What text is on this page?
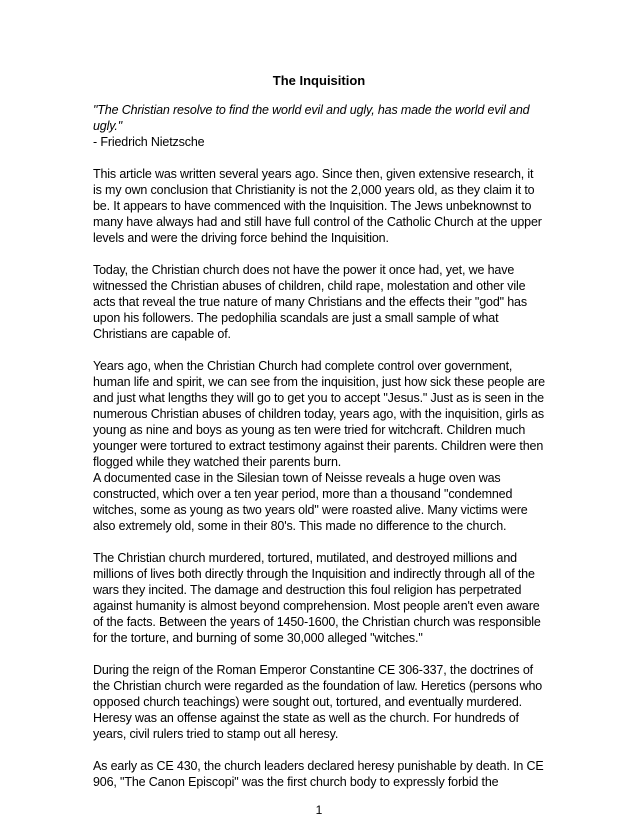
The Inquisition

"The Christian resolve to find the world evil and ugly, has made the world evil and ugly."

- Friedrich Nietzsche

This article was written several years ago. Since then, given extensive research, it is my own conclusion that Christianity is not the 2,000 years old, as they claim it to be. It appears to have commenced with the Inquisition. The Jews unbeknownst to many have always had and still have full control of the Catholic Church at the upper levels and were the driving force behind the Inquisition.

Today, the Christian church does not have the power it once had, yet, we have witnessed the Christian abuses of children, child rape, molestation and other vile acts that reveal the true nature of many Christians and the effects their "god" has upon his followers. The pedophilia scandals are just a small sample of what Christians are capable of.

Years ago, when the Christian Church had complete control over government, human life and spirit, we can see from the inquisition, just how sick these people are and just what lengths they will go to get you to accept "Jesus." Just as is seen in the numerous Christian abuses of children today, years ago, with the inquisition, girls as young as nine and boys as young as ten were tried for witchcraft. Children much younger were tortured to extract testimony against their parents. Children were then flogged while they watched their parents burn.

A documented case in the Silesian town of Neisse reveals a huge oven was constructed, which over a ten year period, more than a thousand "condemned witches, some as young as two years old" were roasted alive. Many victims were also extremely old, some in their 80's. This made no difference to the church.

The Christian church murdered, tortured, mutilated, and destroyed millions and millions of lives both directly through the Inquisition and indirectly through all of the wars they incited. The damage and destruction this foul religion has perpetrated against humanity is almost beyond comprehension. Most people aren't even aware of the facts. Between the years of 1450-1600, the Christian church was responsible for the torture, and burning of some 30,000 alleged "witches."

During the reign of the Roman Emperor Constantine CE 306-337, the doctrines of the Christian church were regarded as the foundation of law. Heretics (persons who opposed church teachings) were sought out, tortured, and eventually murdered. Heresy was an offense against the state as well as the church. For hundreds of years, civil rulers tried to stamp out all heresy.

As early as CE 430, the church leaders declared heresy punishable by death. In CE 906, "The Canon Episcopi" was the first church body to expressly forbid the

1
